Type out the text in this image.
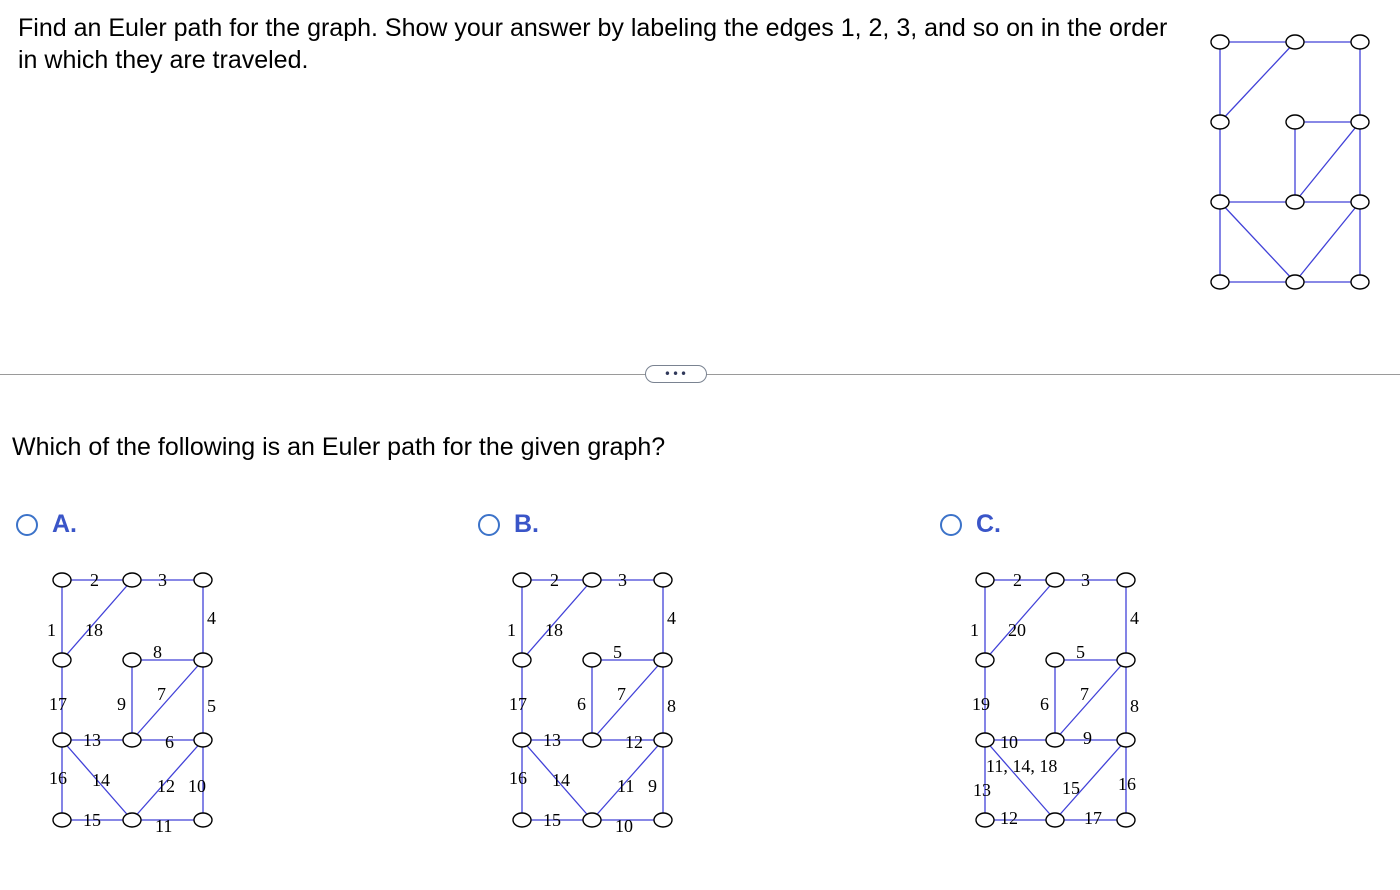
Find an Euler path for the graph. Show your answer by labeling the edges 1, 2, 3, and so on in the order in which they are traveled.

•••
Which of the following is an Euler path for the given graph?
A.
2	3
1 18
4
8
17	9 7
5
13	6
16 14	12 10
15	11
B.
2	3
1 18
4
5
17	6 7
8
13	12
16 14	11 9
15	10
C.
2	3
1 20
4
5
19	6 7
8
10	9
13
11, 14, 18
15 16
12	17
